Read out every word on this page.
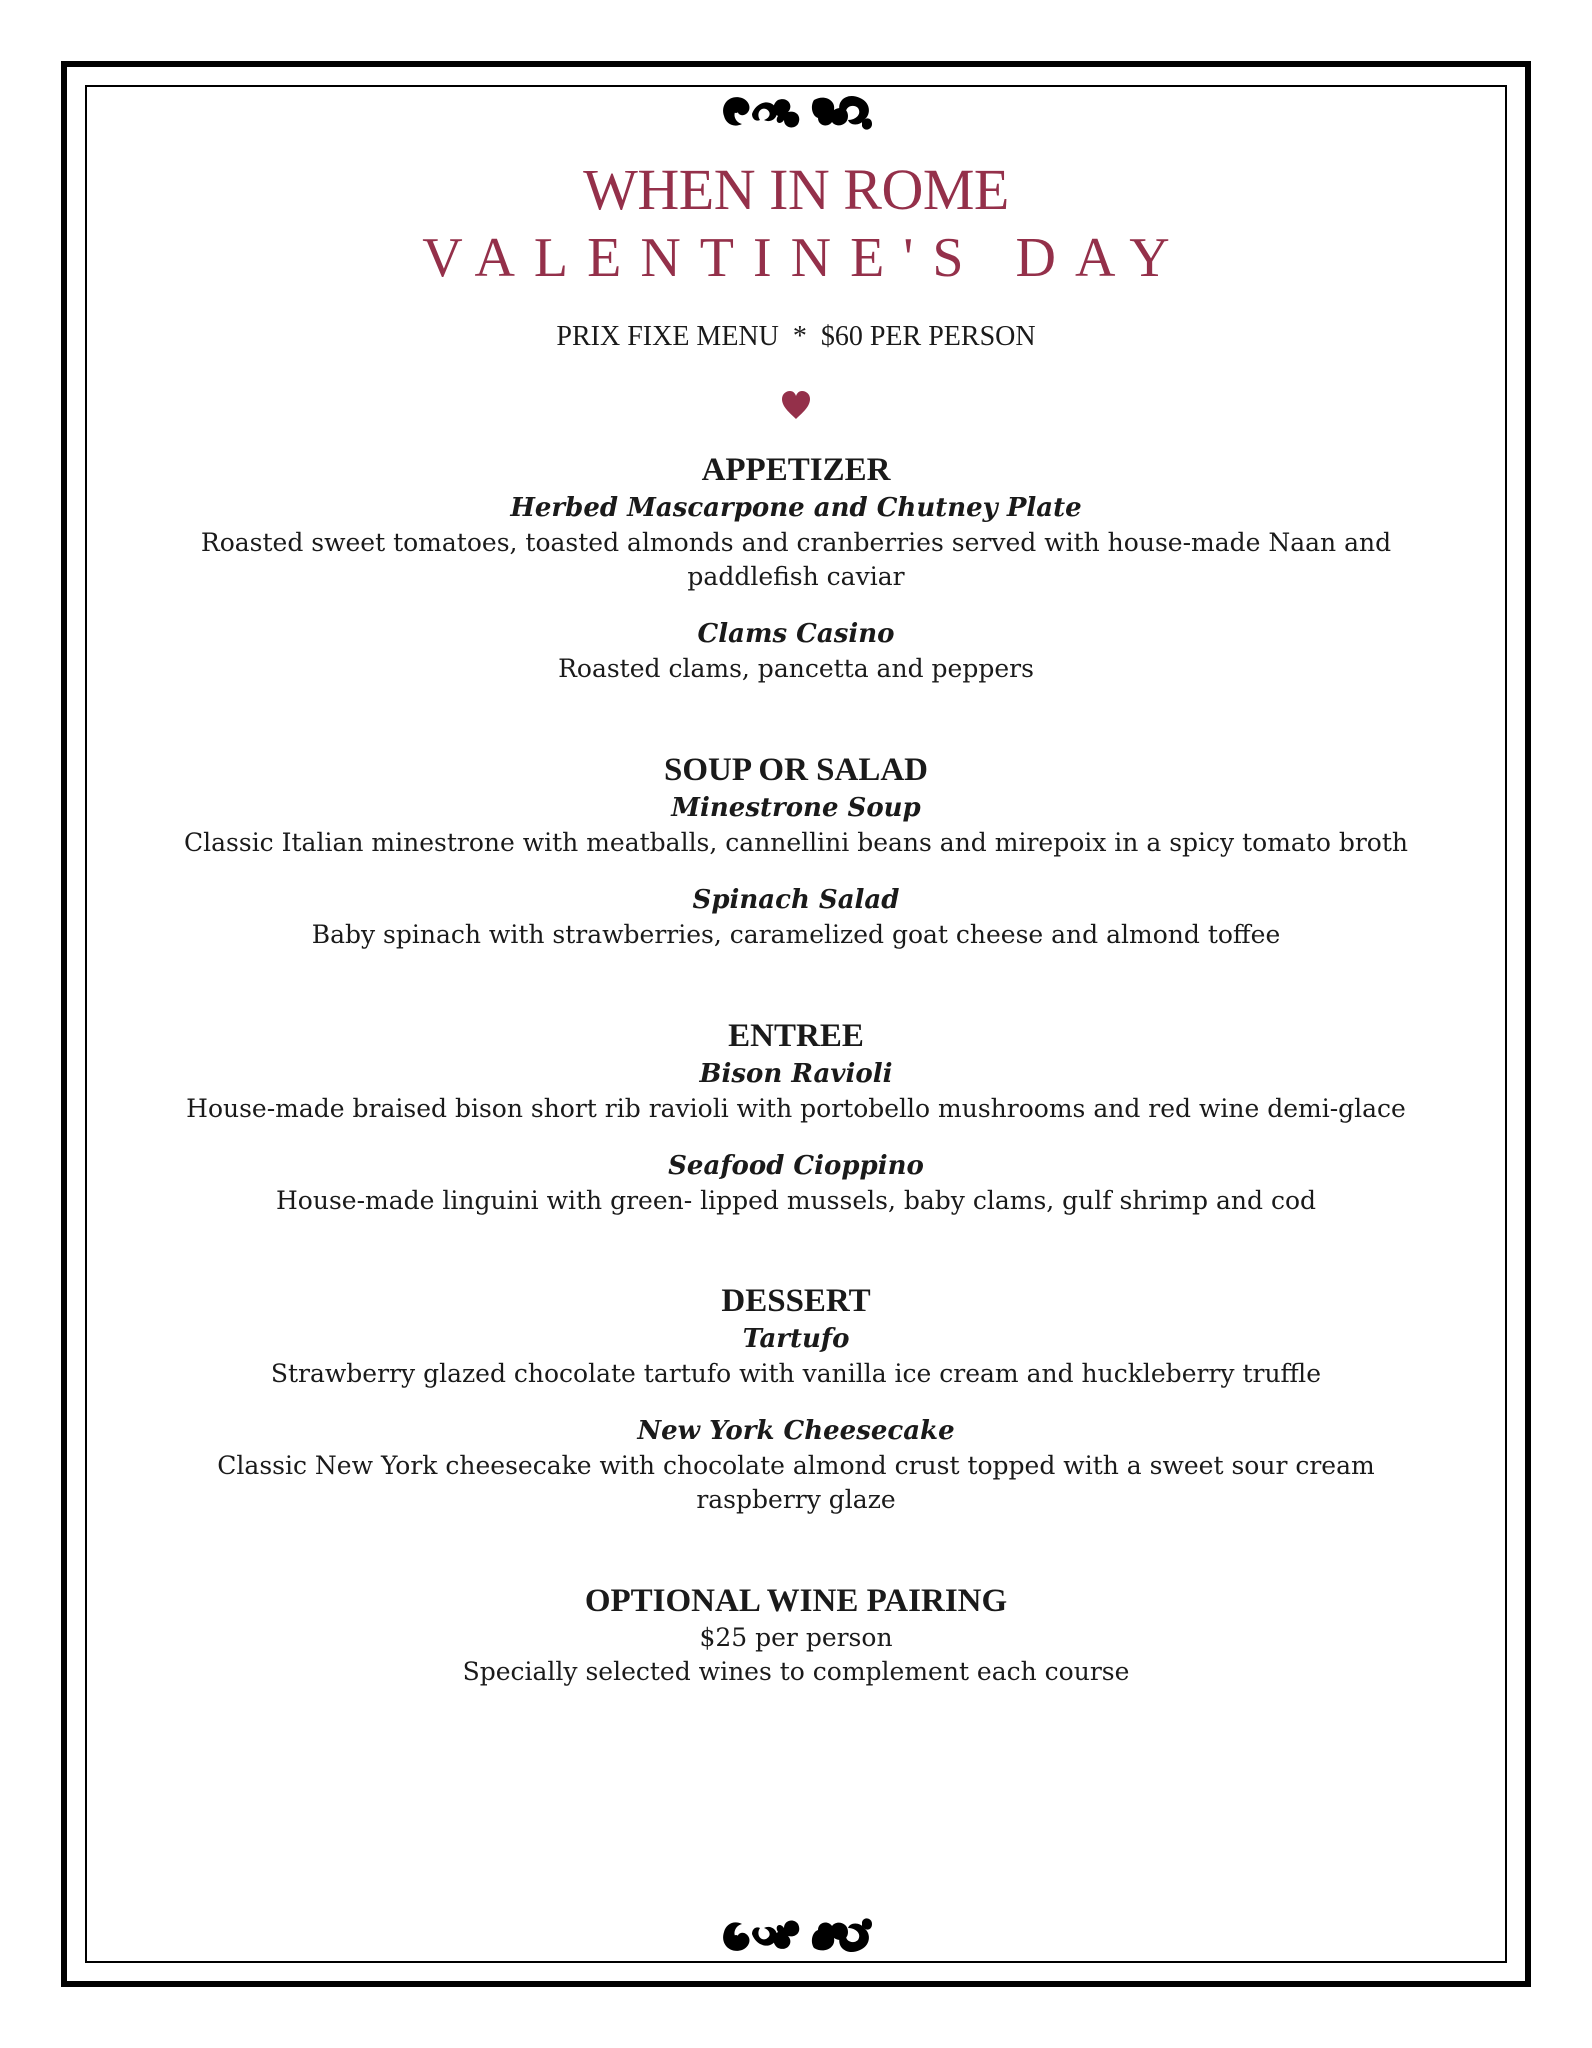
WHEN IN ROME
VALENTINE'S DAY
PRIX FIXE MENU  *  $60 PER PERSON
APPETIZER

Herbed Mascarpone and Chutney Plate

Roasted sweet tomatoes, toasted almonds and cranberries served with house-made Naan and paddlefish caviar

Clams Casino

Roasted clams, pancetta and peppers

SOUP OR SALAD

Minestrone Soup

Classic Italian minestrone with meatballs, cannellini beans and mirepoix in a spicy tomato broth

Spinach Salad

Baby spinach with strawberries, caramelized goat cheese and almond toffee

ENTREE

Bison Ravioli

House-made braised bison short rib ravioli with portobello mushrooms and red wine demi-glace

Seafood Cioppino

House-made linguini with green- lipped mussels, baby clams, gulf shrimp and cod

DESSERT

Tartufo

Strawberry glazed chocolate tartufo with vanilla ice cream and huckleberry truffle

New York Cheesecake

Classic New York cheesecake with chocolate almond crust topped with a sweet sour cream raspberry glaze

OPTIONAL WINE PAIRING

$25 per person

Specially selected wines to complement each course
